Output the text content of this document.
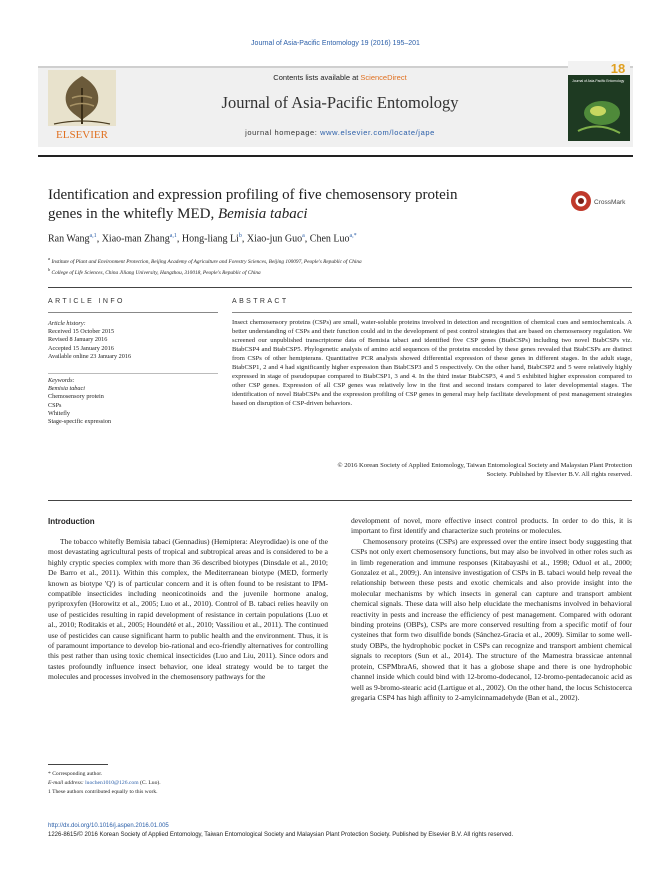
Journal of Asia-Pacific Entomology 19 (2016) 195–201
ELSEVIER
Contents lists available at ScienceDirect
Journal of Asia-Pacific Entomology
journal homepage: www.elsevier.com/locate/jape
18
Journal of Asia-Pacific Entomology
Identification and expression profiling of five chemosensory protein
genes in the whitefly MED, Bemisia tabaci
CrossMark
Ran Wang$^{a,1}$, Xiao-man Zhang$^{a,1}$, Hong-liang Li$^b$, Xiao-jun Guo$^a$, Chen Luo$^{a,*}$
$^a$ Institute of Plant and Environment Protection, Beijing Academy of Agriculture and Forestry Sciences, Beijing 100097, People's Republic of China
$^b$ College of Life Sciences, China Jiliang University, Hangzhou, 310018, People's Republic of China
ARTICLE INFO	ABSTRACT
Article history:
Received 15 October 2015
Revised 8 January 2016
Accepted 15 January 2016
Available online 23 January 2016
Keywords:
Bemisia tabaci
Chemosensory protein
CSPs
Whitefly
Stage-specific expression
Insect chemosensory proteins (CSPs) are small, water-soluble proteins involved in detection and recognition of chemical cues and semiochemicals. A better understanding of CSPs and their function could aid in the development of pest control strategies that are based on chemosensory regulation. We screened our unpublished transcriptome data of Bemisia tabaci and identified five CSP genes (BtabCSPs) including two novel BtabCSPs viz. BtabCSP4 and BtabCSP5. Phylogenetic analysis of amino acid sequences of the proteins encoded by these genes revealed that BtabCSPs are distinct from CSPs of other hemipterans. Quantitative PCR analysis showed differential expression of these genes in different stages. In the adult stage, BtabCSP1, 2 and 4 had significantly higher expression than BtabCSP3 and 5 respectively. On the other hand, BtabCSP2 and 5 were relatively highly expressed in stage of pseudopupae compared to BtabCSP1, 3 and 4. In the third instar BtabCSP3, 4 and 5 exhibited higher expression compared to other CSP genes. Expression of all CSP genes was relatively low in the first and second instars compared to later developmental stages. The identification of novel BtabCSPs and the expression profiling of CSP genes in general may help facilitate development of pest management strategies based on disruption of CSP-driven behaviors.
© 2016 Korean Society of Applied Entomology, Taiwan Entomological Society and Malaysian Plant Protection
Society. Published by Elsevier B.V. All rights reserved.
Introduction

The tobacco whitefly Bemisia tabaci (Gennadius) (Hemiptera: Aleyrodidae) is one of the most devastating agricultural pests of tropical and subtropical areas and is considered to be a highly cryptic species complex with more than 36 described biotypes (Dinsdale et al., 2010; De Barro et al., 2011). Within this complex, the Mediterranean biotype (MED, formerly known as biotype 'Q') is of particular concern and it is often found to be resistant to IPM-compatible insecticides including neonicotinoids and the juvenile hormone analog, pyriproxyfen (Horowitz et al., 2005; Luo et al., 2010). Control of B. tabaci relies heavily on use of pesticides resulting in rapid development of resistance in certain populations (Luo et al., 2010; Roditakis et al., 2005; Houndété et al., 2010; Vassiliou et al., 2011). The continued use of pesticides can cause significant harm to public health and the environment. Thus, it is of paramount importance to develop bio-rational and eco-friendly alternatives for controlling this pest rather than using toxic chemical insecticides (Luo and Liu, 2011). Since odors and tastes profoundly influence insect behavior, one ideal strategy would be to target the molecules and processes involved in the chemosensory pathways for the

development of novel, more effective insect control products. In order to do this, it is important to first identify and characterize such proteins or molecules.

Chemosensory proteins (CSPs) are expressed over the entire insect body suggesting that CSPs not only exert chemosensory functions, but may also be involved in other roles such as in limb regeneration and immune responses (Kitabayashi et al., 1998; Oduol et al., 2000; Gonzalez et al., 2009;). An intensive investigation of CSPs in B. tabaci would help reveal the relationship between these pests and exotic chemicals and also provide insight into the molecular mechanisms by which insects in general can capture and transport ambient chemical signals. These data will also help elucidate the mechanisms involved in behavioral reactivity in pests and increase the efficiency of pest management. Compared with odorant binding proteins (OBPs), CSPs are more conserved resulting from a specific motif of four cysteines that form two disulfide bonds (Sánchez-Gracia et al., 2009). Similar to some well-study OBPs, the hydrophobic pocket in CSPs can recognize and transport ambient chemical signals to receptors (Sun et al., 2014). The structure of the Mamestra brassicae antennal protein, CSPMbraA6, showed that it has a globose shape and there is one hydrophobic channel inside which could bind with 12-bromo-dodecanol, 12-bromo-pentadecanoic acid as well as 9-bromo-stearic acid (Lartigue et al., 2002). On the other hand, the locus Schistocerca gregaria CSP4 has high affinity to 2-amylcinnamadehyde (Ban et al., 2002).

* Corresponding author.
E-mail address: luochen1010@126.com (C. Luo).
1 These authors contributed equally to this work.
http://dx.doi.org/10.1016/j.aspen.2016.01.005
1226-8615/© 2016 Korean Society of Applied Entomology, Taiwan Entomological Society and Malaysian Plant Protection Society. Published by Elsevier B.V. All rights reserved.
